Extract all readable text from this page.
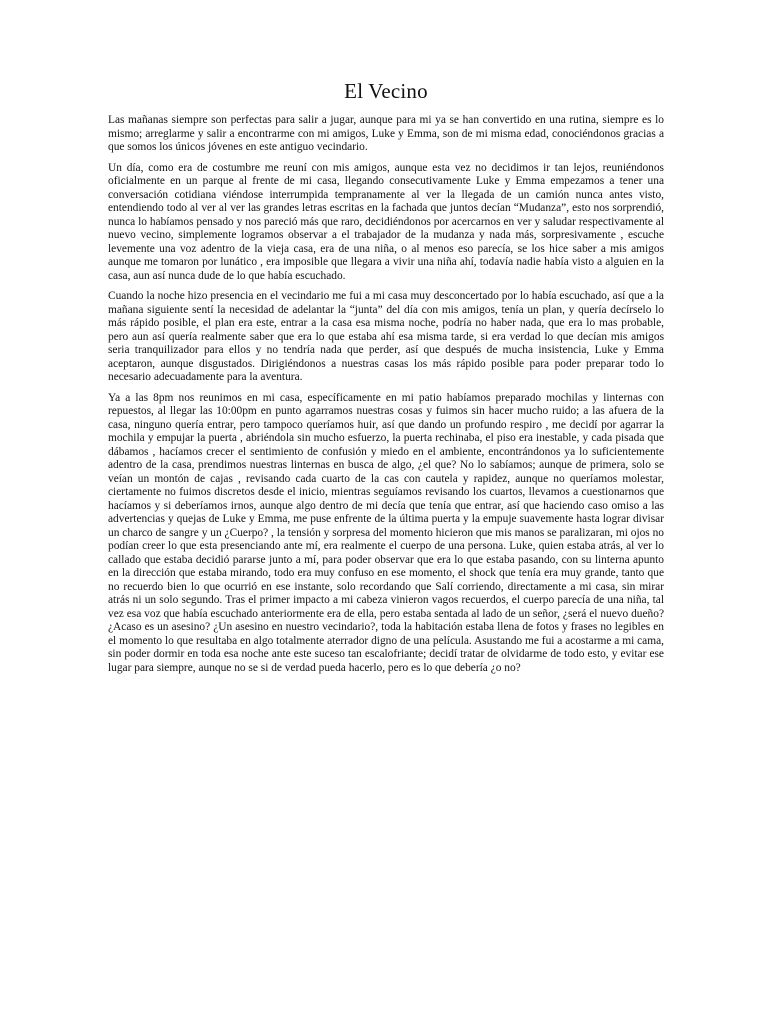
El Vecino

Las mañanas siempre son perfectas para salir a jugar, aunque para mi ya se han convertido en una rutina, siempre es lo mismo; arreglarme y salir a encontrarme con mi amigos, Luke y Emma, son de mi misma edad, conociéndonos gracias a que somos los únicos jóvenes en este antiguo vecindario.

Un día, como era de costumbre me reuní con mis amigos, aunque esta vez no decidimos ir tan lejos, reuniéndonos oficialmente en un parque al frente de mi casa, llegando consecutivamente Luke y Emma empezamos a tener una conversación cotidiana viéndose interrumpida tempranamente al ver la llegada de un camión nunca antes visto, entendiendo todo al ver al ver las grandes letras escritas en la fachada que juntos decían “Mudanza”, esto nos sorprendió, nunca lo habíamos pensado y nos pareció más que raro, decidiéndonos por acercarnos en ver y saludar respectivamente al nuevo vecino, simplemente logramos observar a el trabajador de la mudanza y nada más, sorpresivamente , escuche levemente una voz adentro de la vieja casa, era de una niña, o al menos eso parecía, se los hice saber a mis amigos aunque me tomaron por lunático , era imposible que llegara a vivir una niña ahí, todavía nadie había visto a alguien en la casa, aun así nunca dude de lo que había escuchado.

Cuando la noche hizo presencia en el vecindario me fui a mi casa muy desconcertado por lo había escuchado, así que a la mañana siguiente sentí la necesidad de adelantar la “junta” del día con mis amigos, tenía un plan, y quería decírselo lo más rápido posible, el plan era este, entrar a la casa esa misma noche, podría no haber nada, que era lo mas probable, pero aun así quería realmente saber que era lo que estaba ahí esa misma tarde, si era verdad lo que decían mis amigos seria tranquilizador para ellos y no tendría nada que perder, así que después de mucha insistencia, Luke y Emma aceptaron, aunque disgustados. Dirigiéndonos a nuestras casas los más rápido posible para poder preparar todo lo necesario adecuadamente para la aventura.

Ya a las 8pm nos reunimos en mi casa, específicamente en mi patio habíamos preparado mochilas y linternas con repuestos, al llegar las 10:00pm en punto agarramos nuestras cosas y fuimos sin hacer mucho ruido; a las afuera de la casa, ninguno quería entrar, pero tampoco queríamos huir, así que dando un profundo respiro , me decidí por agarrar la mochila y empujar la puerta , abriéndola sin mucho esfuerzo, la puerta rechinaba, el piso era inestable, y cada pisada que dábamos , hacíamos crecer el sentimiento de confusión y miedo en el ambiente, encontrándonos ya lo suficientemente adentro de la casa, prendimos nuestras linternas en busca de algo, ¿el que? No lo sabíamos; aunque de primera, solo se veían un montón de cajas , revisando cada cuarto de la cas con cautela y rapidez, aunque no queríamos molestar, ciertamente no fuimos discretos desde el inicio, mientras seguíamos revisando los cuartos, llevamos a cuestionarnos que hacíamos y si deberíamos irnos, aunque algo dentro de mi decía que tenía que entrar, así que haciendo caso omiso a las advertencias y quejas de Luke y Emma, me puse enfrente de la última puerta y la empuje suavemente hasta lograr divisar un charco de sangre y un ¿Cuerpo? , la tensión y sorpresa del momento hicieron que mis manos se paralizaran, mi ojos no podían creer lo que esta presenciando ante mí, era realmente el cuerpo de una persona. Luke, quien estaba atrás, al ver lo callado que estaba decidió pararse junto a mí, para poder observar que era lo que estaba pasando, con su linterna apunto en la dirección que estaba mirando, todo era muy confuso en ese momento, el shock que tenía era muy grande, tanto que no recuerdo bien lo que ocurrió en ese instante, solo recordando que Salí corriendo, directamente a mi casa, sin mirar atrás ni un solo segundo. Tras el primer impacto a mi cabeza vinieron vagos recuerdos, el cuerpo parecía de una niña, tal vez esa voz que había escuchado anteriormente era de ella, pero estaba sentada al lado de un señor, ¿será el nuevo dueño? ¿Acaso es un asesino? ¿Un asesino en nuestro vecindario?, toda la habitación estaba llena de fotos y frases no legibles en el momento lo que resultaba en algo totalmente aterrador digno de una película. Asustando me fui a acostarme a mi cama, sin poder dormir en toda esa noche ante este suceso tan escalofriante; decidí tratar de olvidarme de todo esto, y evitar ese lugar para siempre, aunque no se si de verdad pueda hacerlo, pero es lo que debería ¿o no?
